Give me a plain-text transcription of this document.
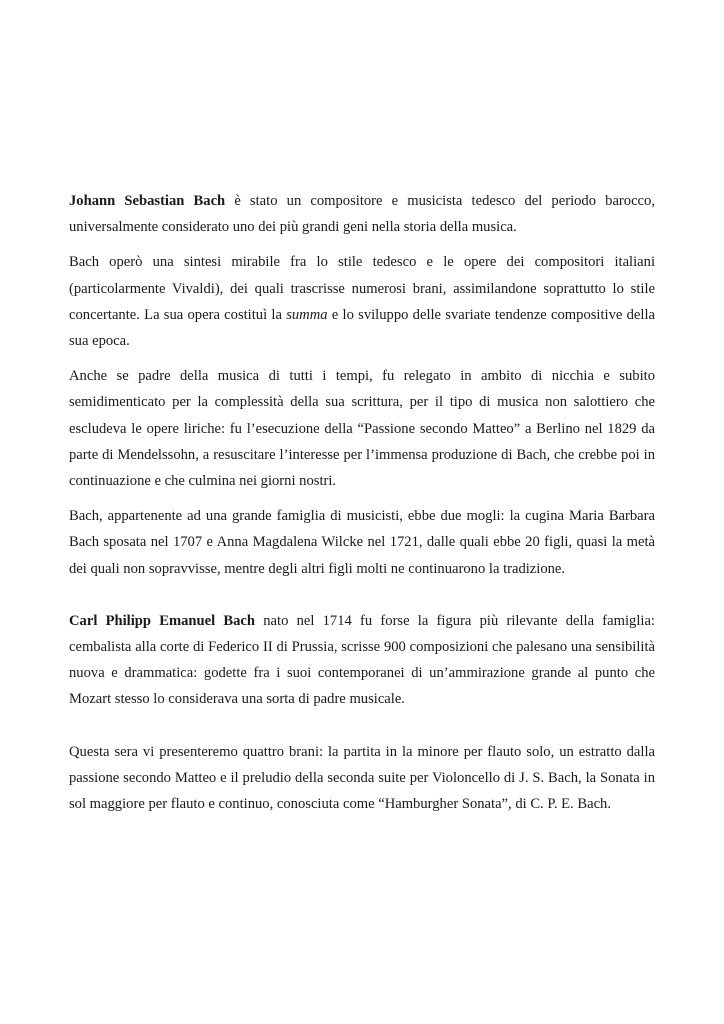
Johann Sebastian Bach è stato un compositore e musicista tedesco del periodo barocco, universalmente considerato uno dei più grandi geni nella storia della musica.

Bach operò una sintesi mirabile fra lo stile tedesco e le opere dei compositori italiani (particolarmente Vivaldi), dei quali trascrisse numerosi brani, assimilandone soprattutto lo stile concertante. La sua opera costituì la summa e lo sviluppo delle svariate tendenze compositive della sua epoca.

Anche se padre della musica di tutti i tempi, fu relegato in ambito di nicchia e subito semidimenticato per la complessità della sua scrittura, per il tipo di musica non salottiero che escludeva le opere liriche: fu l’esecuzione della “Passione secondo Matteo” a Berlino nel 1829 da parte di Mendelssohn, a resuscitare l’interesse per l’immensa produzione di Bach, che crebbe poi in continuazione e che culmina nei giorni nostri.

Bach, appartenente ad una grande famiglia di musicisti, ebbe due mogli: la cugina Maria Barbara Bach sposata nel 1707 e Anna Magdalena Wilcke nel 1721, dalle quali ebbe 20 figli, quasi la metà dei quali non sopravvisse, mentre degli altri figli molti ne continuarono la tradizione.

Carl Philipp Emanuel Bach nato nel 1714 fu forse la figura più rilevante della famiglia: cembalista alla corte di Federico II di Prussia, scrisse 900 composizioni che palesano una sensibilità nuova e drammatica: godette fra i suoi contemporanei di un’ammirazione grande al punto che Mozart stesso lo considerava una sorta di padre musicale.

Questa sera vi presenteremo quattro brani: la partita in la minore per flauto solo, un estratto dalla passione secondo Matteo e il preludio della seconda suite per Violoncello di J. S. Bach, la Sonata in sol maggiore per flauto e continuo, conosciuta come “Hamburgher Sonata”, di C. P. E. Bach.
